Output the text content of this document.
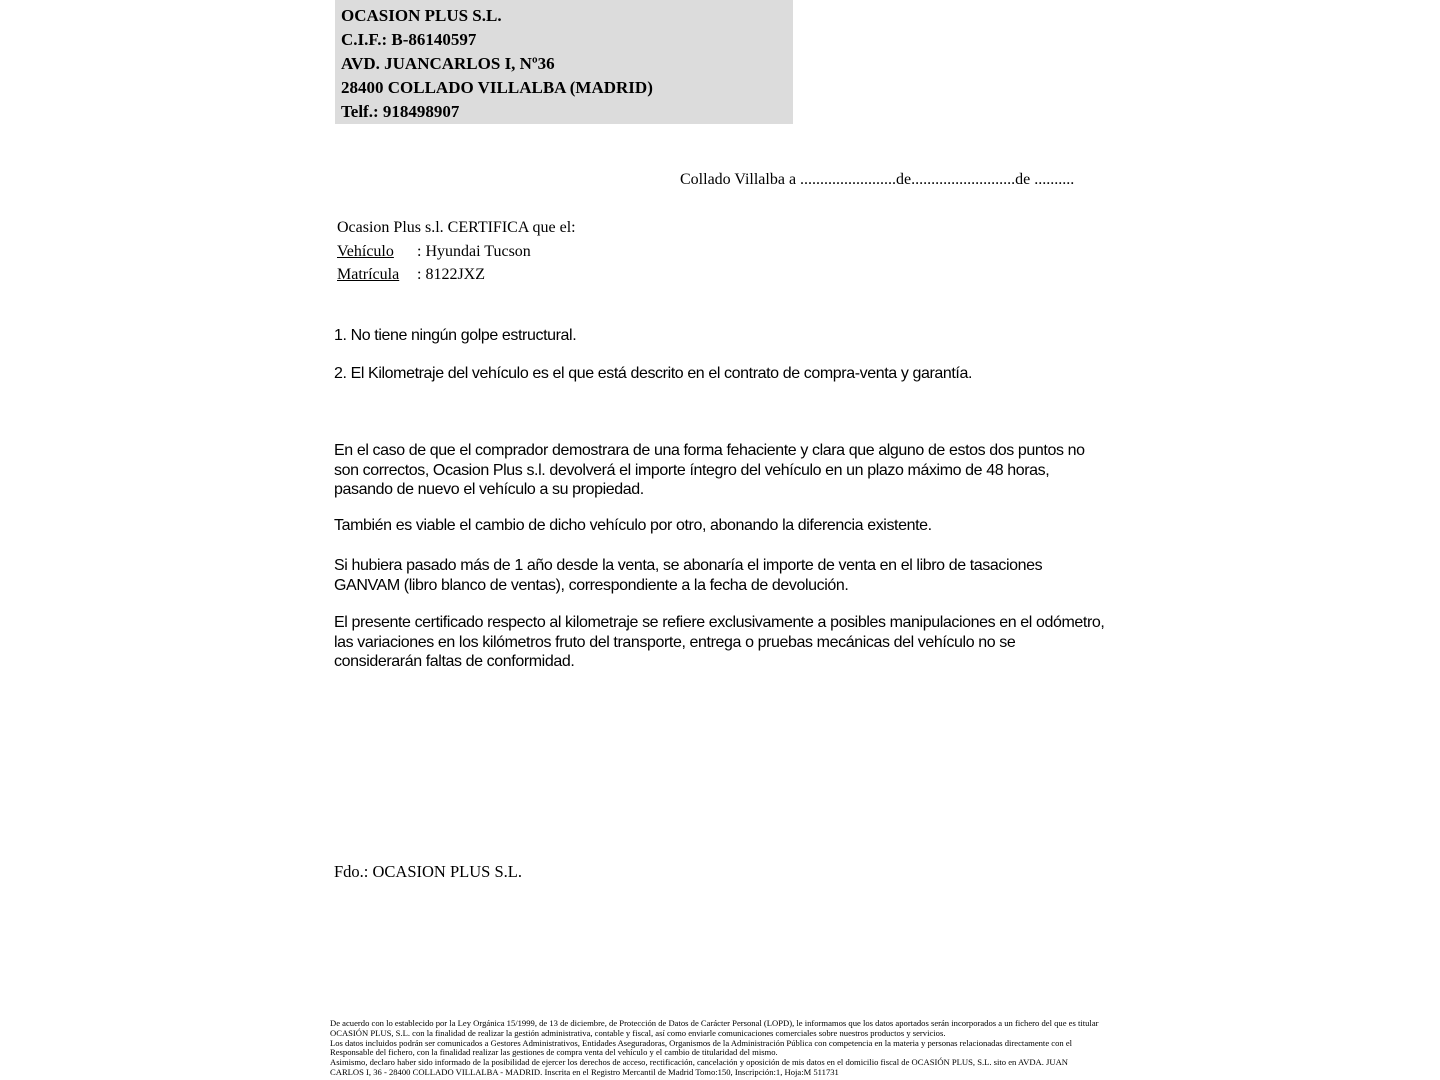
OCASION PLUS S.L.
C.I.F.: B-86140597
AVD. JUANCARLOS I, Nº36
28400 COLLADO VILLALBA (MADRID)
Telf.: 918498907
Collado Villalba a ........................de..........................de ..........
Ocasion Plus s.l. CERTIFICA que el:
Vehículo : Hyundai Tucson
Matrícula : 8122JXZ

1. No tiene ningún golpe estructural.

2. El Kilometraje del vehículo es el que está descrito en el contrato de compra-venta y garantía.

En el caso de que el comprador demostrara de una forma fehaciente y clara que alguno de estos dos puntos no son correctos, Ocasion Plus s.l. devolverá el importe íntegro del vehículo en un plazo máximo de 48 horas, pasando de nuevo el vehículo a su propiedad.

También es viable el cambio de dicho vehículo por otro, abonando la diferencia existente.

Si hubiera pasado más de 1 año desde la venta, se abonaría el importe de venta en el libro de tasaciones GANVAM (libro blanco de ventas), correspondiente a la fecha de devolución.

El presente certificado respecto al kilometraje se refiere exclusivamente a posibles manipulaciones en el odómetro, las variaciones en los kilómetros fruto del transporte, entrega o pruebas mecánicas del vehículo no se considerarán faltas de conformidad.

Fdo.: OCASION PLUS S.L.
De acuerdo con lo establecido por la Ley Orgánica 15/1999, de 13 de diciembre, de Protección de Datos de Carácter Personal (LOPD), le informamos que los datos aportados serán incorporados a un fichero del que es titular
OCASIÓN PLUS, S.L. con la finalidad de realizar la gestión administrativa, contable y fiscal, así como enviarle comunicaciones comerciales sobre nuestros productos y servicios.
Los datos incluidos podrán ser comunicados a Gestores Administrativos, Entidades Aseguradoras, Organismos de la Administración Pública con competencia en la materia y personas relacionadas directamente con el
Responsable del fichero, con la finalidad realizar las gestiones de compra venta del vehículo y el cambio de titularidad del mismo.
Asimismo, declaro haber sido informado de la posibilidad de ejercer los derechos de acceso, rectificación, cancelación y oposición de mis datos en el domicilio fiscal de OCASIÓN PLUS, S.L. sito en AVDA. JUAN
CARLOS I, 36 - 28400 COLLADO VILLALBA - MADRID. Inscrita en el Registro Mercantil de Madrid Tomo:150, Inscripción:1, Hoja:M 511731
